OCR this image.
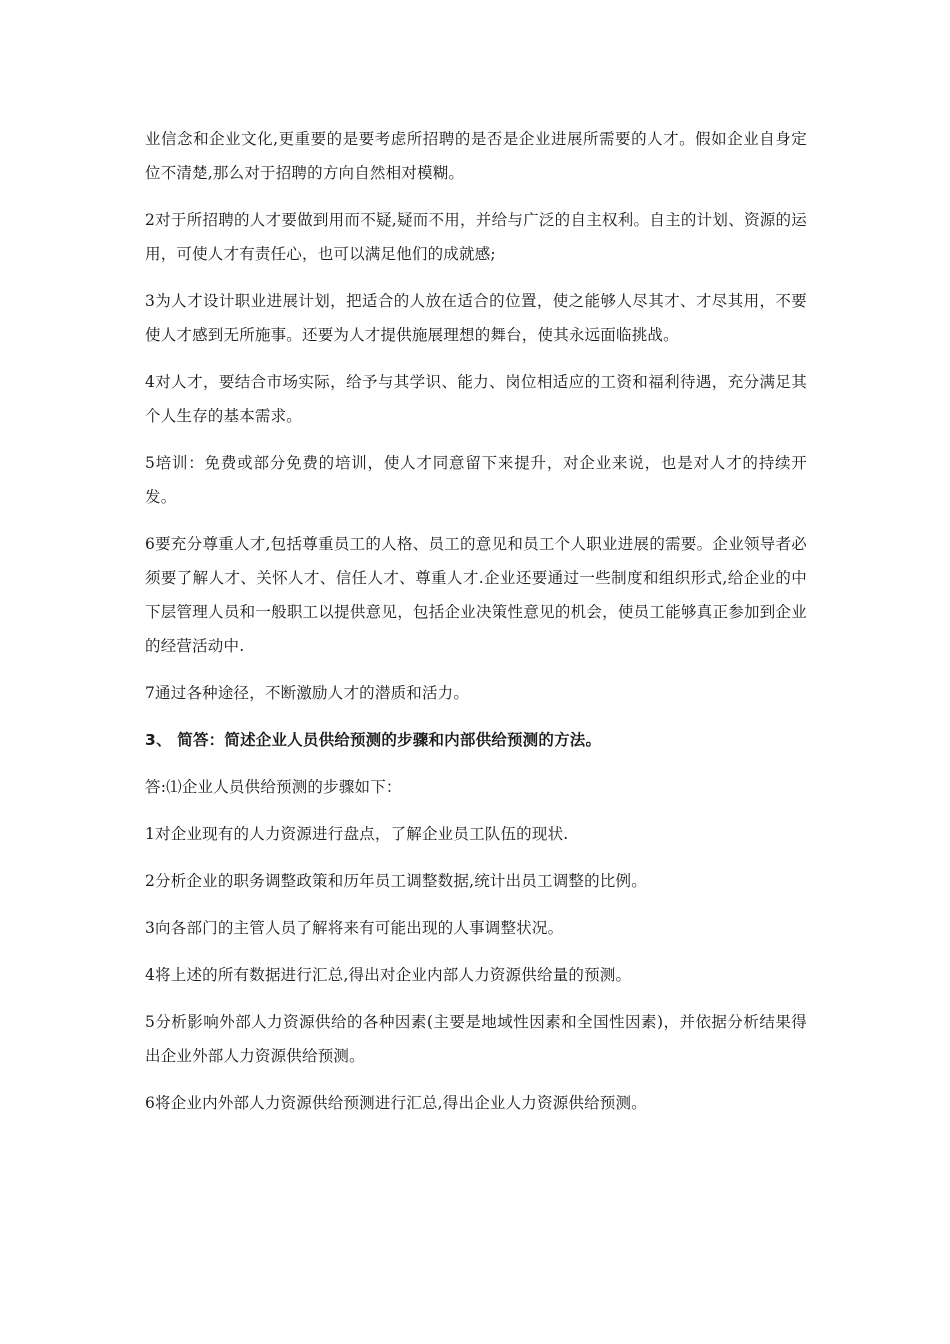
业信念和企业文化,更重要的是要考虑所招聘的是否是企业进展所需要的人才。假如企业自身定位不清楚,那么对于招聘的方向自然相对模糊。

2对于所招聘的人才要做到用而不疑,疑而不用，并给与广泛的自主权利。自主的计划、资源的运用，可使人才有责任心，也可以满足他们的成就感;

3为人才设计职业进展计划，把适合的人放在适合的位置，使之能够人尽其才、才尽其用，不要使人才感到无所施事。还要为人才提供施展理想的舞台，使其永远面临挑战。

4对人才，要结合市场实际，给予与其学识、能力、岗位相适应的工资和福利待遇，充分满足其个人生存的基本需求。

5培训：免费或部分免费的培训，使人才同意留下来提升，对企业来说，也是对人才的持续开发。

6要充分尊重人才,包括尊重员工的人格、员工的意见和员工个人职业进展的需要。企业领导者必须要了解人才、关怀人才、信任人才、尊重人才.企业还要通过一些制度和组织形式,给企业的中下层管理人员和一般职工以提供意见，包括企业决策性意见的机会，使员工能够真正参加到企业的经营活动中.

7通过各种途径，不断激励人才的潜质和活力。

3、 简答：简述企业人员供给预测的步骤和内部供给预测的方法。

答:⑴企业人员供给预测的步骤如下：

1对企业现有的人力资源进行盘点，了解企业员工队伍的现状.

2分析企业的职务调整政策和历年员工调整数据,统计出员工调整的比例。

3向各部门的主管人员了解将来有可能出现的人事调整状况。

4将上述的所有数据进行汇总,得出对企业内部人力资源供给量的预测。

5分析影响外部人力资源供给的各种因素(主要是地域性因素和全国性因素)，并依据分析结果得出企业外部人力资源供给预测。

6将企业内外部人力资源供给预测进行汇总,得出企业人力资源供给预测。
